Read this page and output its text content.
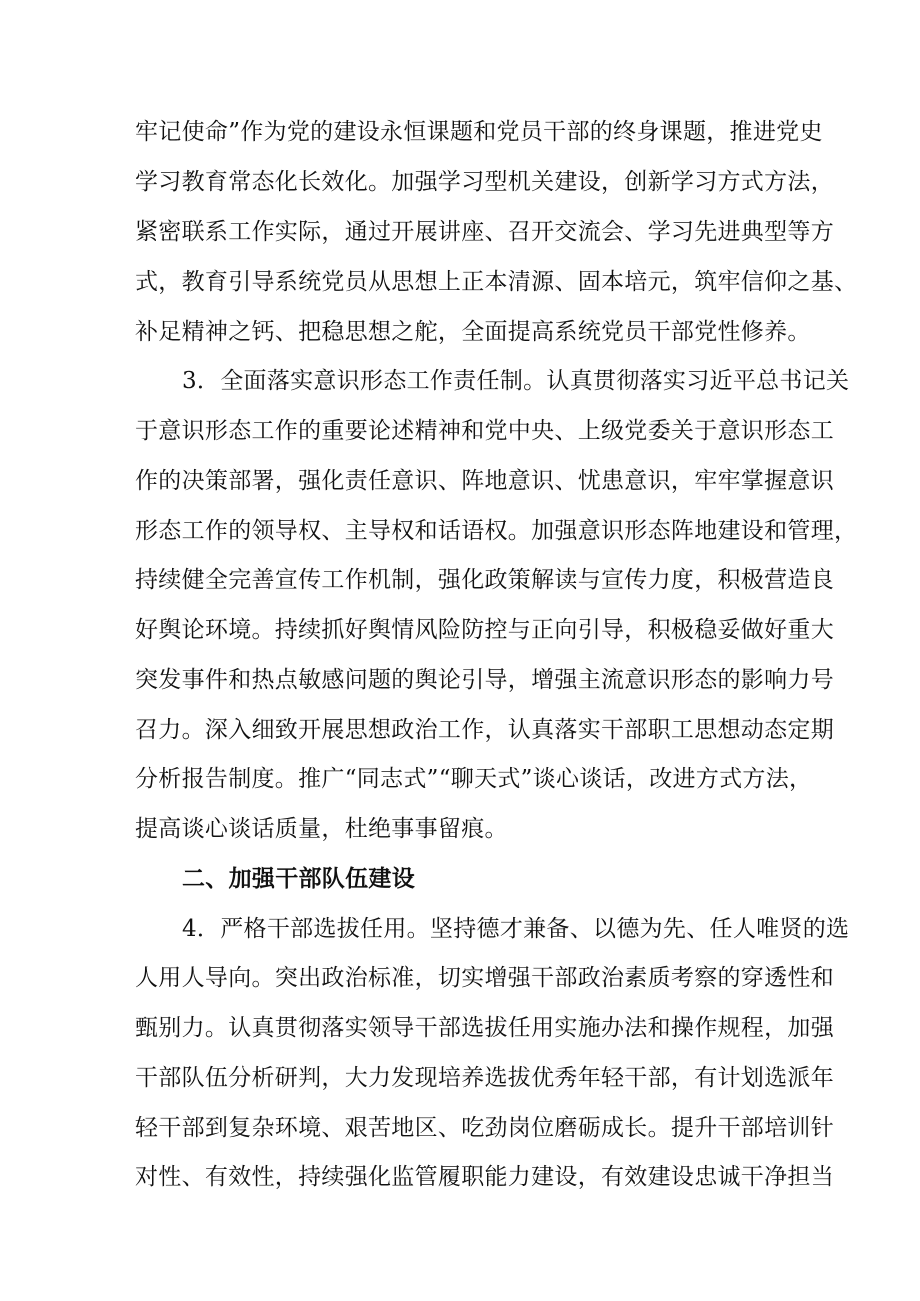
牢记使命”作为党的建设永恒课题和党员干部的终身课题，推进党史
学习教育常态化长效化。加强学习型机关建设，创新学习方式方法，
紧密联系工作实际，通过开展讲座、召开交流会、学习先进典型等方
式，教育引导系统党员从思想上正本清源、固本培元，筑牢信仰之基、
补足精神之钙、把稳思想之舵，全面提高系统党员干部党性修养。
3．全面落实意识形态工作责任制。认真贯彻落实习近平总书记关
于意识形态工作的重要论述精神和党中央、上级党委关于意识形态工
作的决策部署，强化责任意识、阵地意识、忧患意识，牢牢掌握意识
形态工作的领导权、主导权和话语权。加强意识形态阵地建设和管理，
持续健全完善宣传工作机制，强化政策解读与宣传力度，积极营造良
好舆论环境。持续抓好舆情风险防控与正向引导，积极稳妥做好重大
突发事件和热点敏感问题的舆论引导，增强主流意识形态的影响力号
召力。深入细致开展思想政治工作，认真落实干部职工思想动态定期
分析报告制度。推广“同志式”“聊天式”谈心谈话，改进方式方法，
提高谈心谈话质量，杜绝事事留痕。
二、加强干部队伍建设
4．严格干部选拔任用。坚持德才兼备、以德为先、任人唯贤的选
人用人导向。突出政治标准，切实增强干部政治素质考察的穿透性和
甄别力。认真贯彻落实领导干部选拔任用实施办法和操作规程，加强
干部队伍分析研判，大力发现培养选拔优秀年轻干部，有计划选派年
轻干部到复杂环境、艰苦地区、吃劲岗位磨砺成长。提升干部培训针
对性、有效性，持续强化监管履职能力建设，有效建设忠诚干净担当
